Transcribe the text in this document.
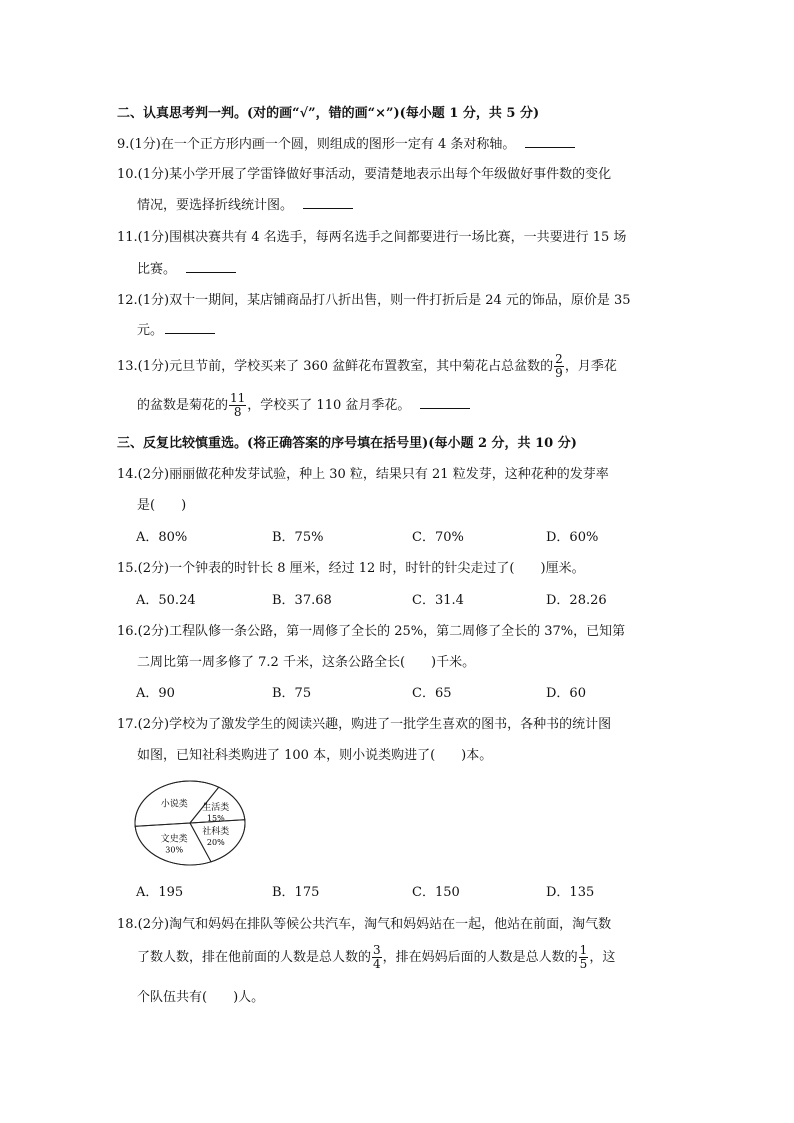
二、认真思考判一判。(对的画“√”，错的画“×”)(每小题 1 分，共 5 分)
9.(1分)在一个正方形内画一个圆，则组成的图形一定有 4 条对称轴。
10.(1分)某小学开展了学雷锋做好事活动，要清楚地表示出每个年级做好事件数的变化
情况，要选择折线统计图。
11.(1分)围棋决赛共有 4 名选手，每两名选手之间都要进行一场比赛，一共要进行 15 场
比赛。
12.(1分)双十一期间，某店铺商品打八折出售，则一件打折后是 24 元的饰品，原价是 35
元。
13.(1分)元旦节前，学校买来了 360 盆鲜花布置教室，其中菊花占总盆数的 $\frac{2}{9}$ ，月季花
的盆数是菊花的 $\frac{11}{8}$ ，学校买了 110 盆月季花。
三、反复比较慎重选。(将正确答案的序号填在括号里)(每小题 2 分，共 10 分)
14.(2分)丽丽做花种发芽试验，种上 30 粒，结果只有 21 粒发芽，这种花种的发芽率
是(　　)
A．80%	B．75%	C．70%	D．60%
15.(2分)一个钟表的时针长 8 厘米，经过 12 时，时针的针尖走过了(　　)厘米。
A．50.24	B．37.68	C．31.4	D．28.26
16.(2分)工程队修一条公路，第一周修了全长的 25%，第二周修了全长的 37%，已知第
二周比第一周多修了 7.2 千米，这条公路全长(　　)千米。
A．90	B．75	C．65	D．60
17.(2分)学校为了激发学生的阅读兴趣，购进了一批学生喜欢的图书，各种书的统计图
如图，已知社科类购进了 100 本，则小说类购进了(　　)本。
小说类 生活类
15%
社科类
20%
文史类
30%
A．195	B．175	C．150	D．135
18.(2分)淘气和妈妈在排队等候公共汽车，淘气和妈妈站在一起，他站在前面，淘气数
了数人数，排在他前面的人数是总人数的 $\frac{3}{4}$ ，排在妈妈后面的人数是总人数的 $\frac{1}{5}$ ，这
个队伍共有(　　)人。
